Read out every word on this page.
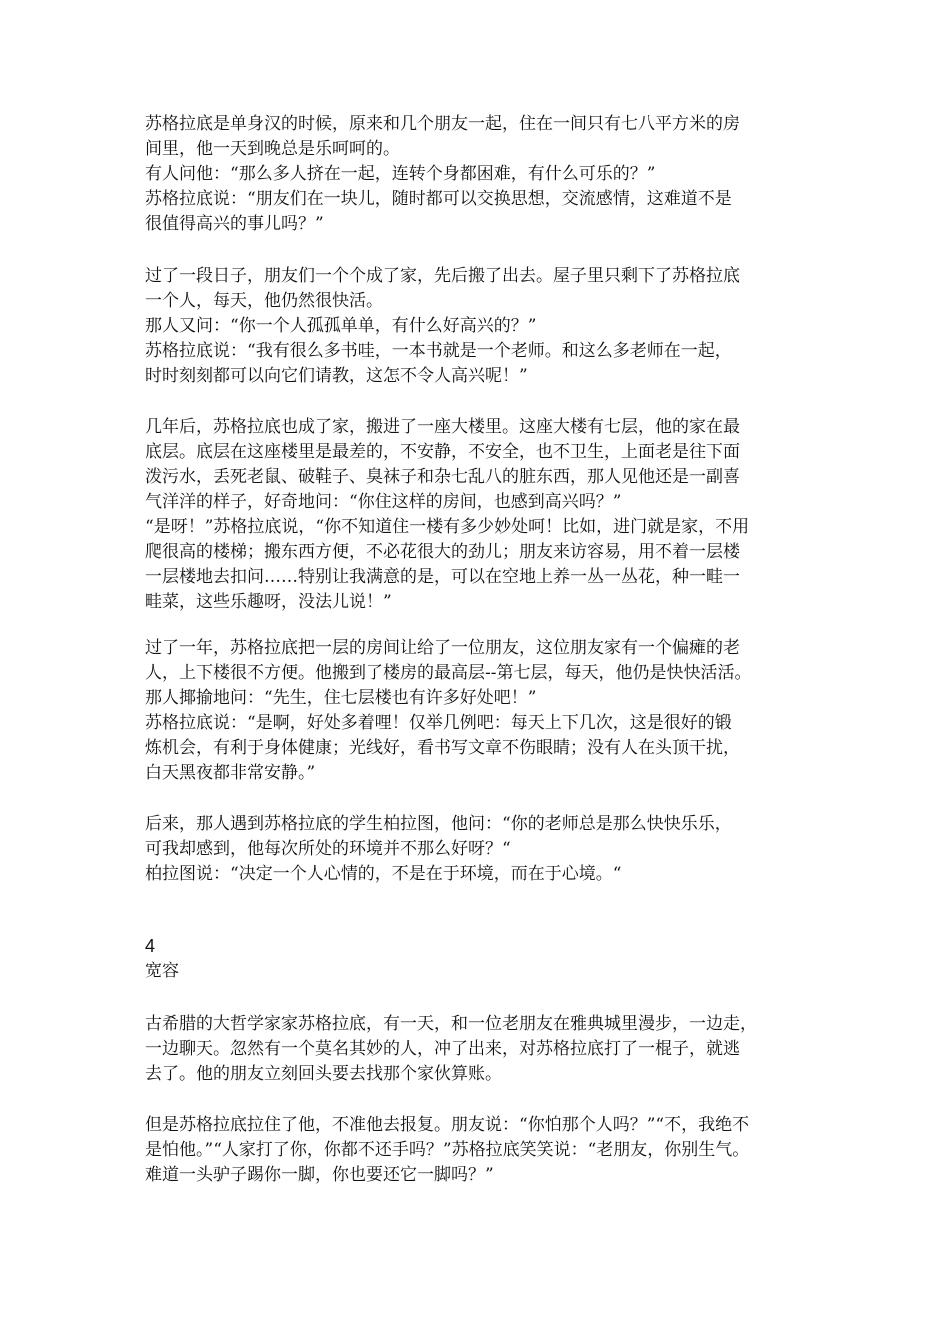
苏格拉底是单身汉的时候，原来和几个朋友一起，住在一间只有七八平方米的房
间里，他一天到晚总是乐呵呵的。
有人问他：“那么多人挤在一起，连转个身都困难，有什么可乐的？”
苏格拉底说：“朋友们在一块儿，随时都可以交换思想，交流感情，这难道不是
很值得高兴的事儿吗？”
过了一段日子，朋友们一个个成了家，先后搬了出去。屋子里只剩下了苏格拉底
一个人，每天，他仍然很快活。
那人又问：“你一个人孤孤单单，有什么好高兴的？”
苏格拉底说：“我有很么多书哇，一本书就是一个老师。和这么多老师在一起，
时时刻刻都可以向它们请教，这怎不令人高兴呢！”
几年后，苏格拉底也成了家，搬进了一座大楼里。这座大楼有七层，他的家在最
底层。底层在这座楼里是最差的，不安静，不安全，也不卫生，上面老是往下面
泼污水，丢死老鼠、破鞋子、臭袜子和杂七乱八的脏东西，那人见他还是一副喜
气洋洋的样子，好奇地问：“你住这样的房间，也感到高兴吗？”
“是呀！”苏格拉底说，“你不知道住一楼有多少妙处呵！比如，进门就是家，不用
爬很高的楼梯；搬东西方便，不必花很大的劲儿；朋友来访容易，用不着一层楼
一层楼地去扣问……特别让我满意的是，可以在空地上养一丛一丛花，种一畦一
畦菜，这些乐趣呀，没法儿说！”
过了一年，苏格拉底把一层的房间让给了一位朋友，这位朋友家有一个偏瘫的老
人，上下楼很不方便。他搬到了楼房的最高层--第七层，每天，他仍是快快活活。
那人揶揄地问：“先生，住七层楼也有许多好处吧！”
苏格拉底说：“是啊，好处多着哩！仅举几例吧：每天上下几次，这是很好的锻
炼机会，有利于身体健康；光线好，看书写文章不伤眼睛；没有人在头顶干扰，
白天黑夜都非常安静。”
后来，那人遇到苏格拉底的学生柏拉图，他问：“你的老师总是那么快快乐乐，
可我却感到，他每次所处的环境并不那么好呀？“
柏拉图说：“决定一个人心情的，不是在于环境，而在于心境。“
4
宽容
古希腊的大哲学家家苏格拉底，有一天，和一位老朋友在雅典城里漫步，一边走，
一边聊天。忽然有一个莫名其妙的人，冲了出来，对苏格拉底打了一棍子，就逃
去了。他的朋友立刻回头要去找那个家伙算账。
但是苏格拉底拉住了他，不准他去报复。朋友说：“你怕那个人吗？”“不，我绝不
是怕他。”“人家打了你，你都不还手吗？”苏格拉底笑笑说：“老朋友，你别生气。
难道一头驴子踢你一脚，你也要还它一脚吗？”
